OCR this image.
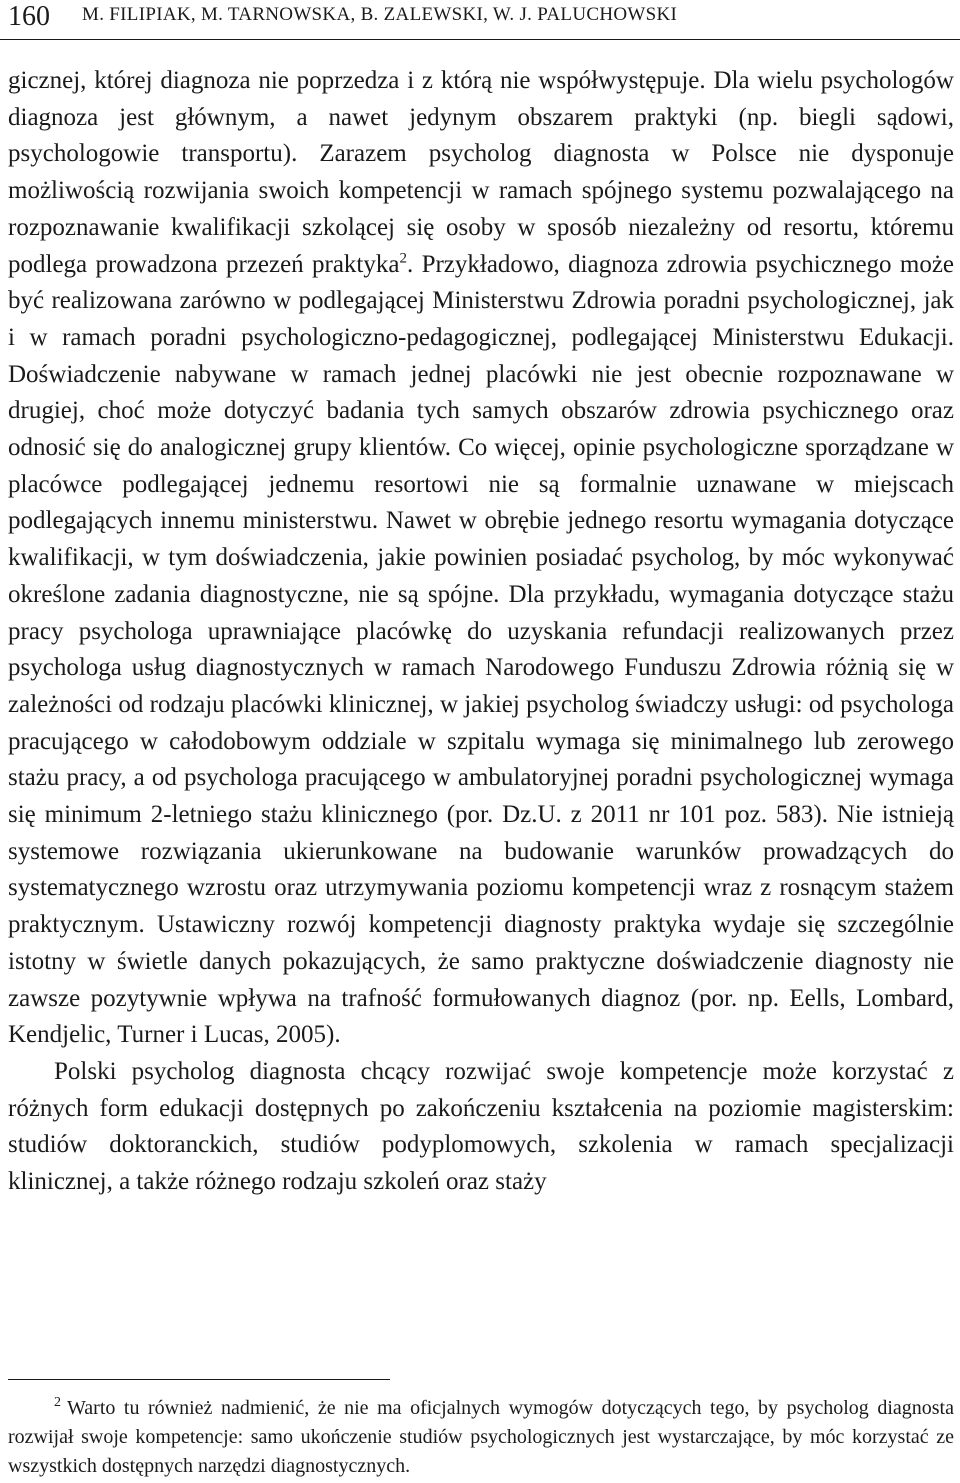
160 M. FILIPIAK, M. TARNOWSKA, B. ZALEWSKI, W. J. PALUCHOWSKI

gicznej, której diagnoza nie poprzedza i z którą nie współwystępuje. Dla wielu psychologów diagnoza jest głównym, a nawet jedynym obszarem praktyki (np. biegli sądowi, psychologowie transportu). Zarazem psycholog diagnosta w Polsce nie dysponuje możliwością rozwijania swoich kompetencji w ramach spójnego systemu pozwalającego na rozpoznawanie kwalifikacji szkolącej się osoby w sposób niezależny od resortu, któremu podlega prowadzona przezeń praktyka$^2$. Przykładowo, diagnoza zdrowia psychicznego może być realizowana zarówno w podlegającej Ministerstwu Zdrowia poradni psychologicznej, jak i w ramach poradni psychologiczno-pedagogicznej, podlegającej Ministerstwu Edukacji. Doświadczenie nabywane w ramach jednej placówki nie jest obecnie rozpoznawane w drugiej, choć może dotyczyć badania tych samych obszarów zdrowia psychicznego oraz odnosić się do analogicznej grupy klientów. Co więcej, opinie psychologiczne sporządzane w placówce podlegającej jednemu resortowi nie są formalnie uznawane w miejscach podlegających innemu ministerstwu. Nawet w obrębie jednego resortu wymagania dotyczące kwalifikacji, w tym doświadczenia, jakie powinien posiadać psycholog, by móc wykonywać określone zadania diagnostyczne, nie są spójne. Dla przykładu, wymagania dotyczące stażu pracy psychologa uprawniające placówkę do uzyskania refundacji realizowanych przez psychologa usług diagnostycznych w ramach Narodowego Funduszu Zdrowia różnią się w zależności od rodzaju placówki klinicznej, w jakiej psycholog świadczy usługi: od psychologa pracującego w całodobowym oddziale w szpitalu wymaga się minimalnego lub zerowego stażu pracy, a od psychologa pracującego w ambulatoryjnej poradni psychologicznej wymaga się minimum 2-letniego stażu klinicznego (por. Dz.U. z 2011 nr 101 poz. 583). Nie istnieją systemowe rozwiązania ukierunkowane na budowanie warunków prowadzących do systematycznego wzrostu oraz utrzymywania poziomu kompetencji wraz z rosnącym stażem praktycznym. Ustawiczny rozwój kompetencji diagnosty praktyka wydaje się szczególnie istotny w świetle danych pokazujących, że samo praktyczne doświadczenie diagnosty nie zawsze pozytywnie wpływa na trafność formułowanych diagnoz (por. np. Eells, Lombard, Kendjelic, Turner i Lucas, 2005).

Polski psycholog diagnosta chcący rozwijać swoje kompetencje może korzystać z różnych form edukacji dostępnych po zakończeniu kształcenia na poziomie magisterskim: studiów doktoranckich, studiów podyplomowych, szkolenia w ramach specjalizacji klinicznej, a także różnego rodzaju szkoleń oraz staży

$^2$ Warto tu również nadmienić, że nie ma oficjalnych wymogów dotyczących tego, by psycholog diagnosta rozwijał swoje kompetencje: samo ukończenie studiów psychologicznych jest wystarczające, by móc korzystać ze wszystkich dostępnych narzędzi diagnostycznych.
